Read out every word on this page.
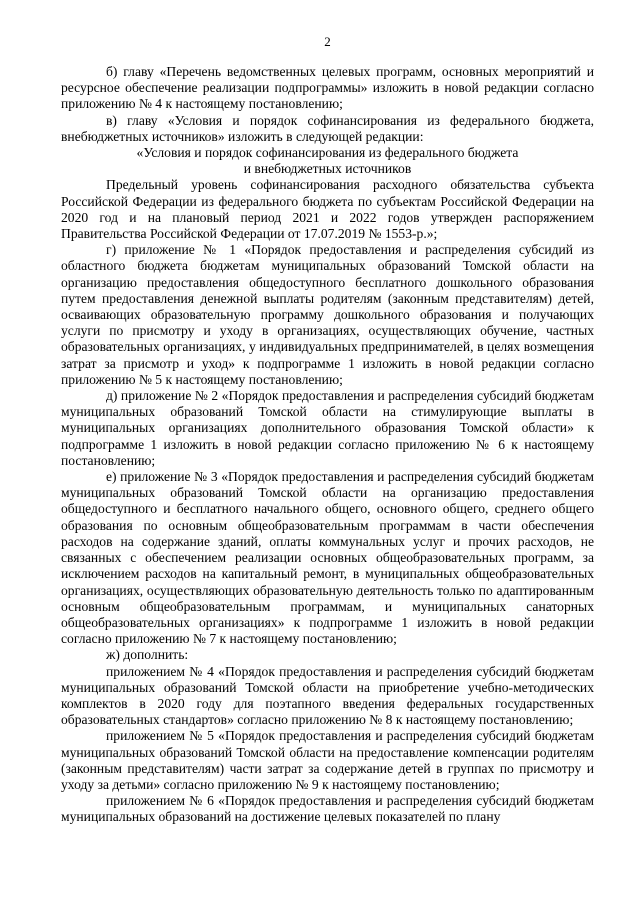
2

б) главу «Перечень ведомственных целевых программ, основных мероприятий и ресурсное обеспечение реализации подпрограммы» изложить в новой редакции согласно приложению № 4 к настоящему постановлению;

в) главу «Условия и порядок софинансирования из федерального бюджета, внебюджетных источников» изложить в следующей редакции:

«Условия и порядок софинансирования из федерального бюджета

и внебюджетных источников

Предельный уровень софинансирования расходного обязательства субъекта Российской Федерации из федерального бюджета по субъектам Российской Федерации на 2020 год и на плановый период 2021 и 2022 годов утвержден распоряжением Правительства Российской Федерации от 17.07.2019 № 1553-р.»;

г) приложение № 1 «Порядок предоставления и распределения субсидий из областного бюджета бюджетам муниципальных образований Томской области на организацию предоставления общедоступного бесплатного дошкольного образования путем предоставления денежной выплаты родителям (законным представителям) детей, осваивающих образовательную программу дошкольного образования и получающих услуги по присмотру и уходу в организациях, осуществляющих обучение, частных образовательных организациях, у индивидуальных предпринимателей, в целях возмещения затрат за присмотр и уход» к подпрограмме 1 изложить в новой редакции согласно приложению № 5 к настоящему постановлению;

д) приложение № 2 «Порядок предоставления и распределения субсидий бюджетам муниципальных образований Томской области на стимулирующие выплаты в муниципальных организациях дополнительного образования Томской области» к подпрограмме 1 изложить в новой редакции согласно приложению № 6 к настоящему постановлению;

е) приложение № 3 «Порядок предоставления и распределения субсидий бюджетам муниципальных образований Томской области на организацию предоставления общедоступного и бесплатного начального общего, основного общего, среднего общего образования по основным общеобразовательным программам в части обеспечения расходов на содержание зданий, оплаты коммунальных услуг и прочих расходов, не связанных с обеспечением реализации основных общеобразовательных программ, за исключением расходов на капитальный ремонт, в муниципальных общеобразовательных организациях, осуществляющих образовательную деятельность только по адаптированным основным общеобразовательным программам, и муниципальных санаторных общеобразовательных организациях» к подпрограмме 1 изложить в новой редакции согласно приложению № 7 к настоящему постановлению;

ж) дополнить:

приложением № 4 «Порядок предоставления и распределения субсидий бюджетам муниципальных образований Томской области на приобретение учебно-методических комплектов в 2020 году для поэтапного введения федеральных государственных образовательных стандартов» согласно приложению № 8 к настоящему постановлению;

приложением № 5 «Порядок предоставления и распределения субсидий бюджетам муниципальных образований Томской области на предоставление компенсации родителям (законным представителям) части затрат за содержание детей в группах по присмотру и уходу за детьми» согласно приложению № 9 к настоящему постановлению;

приложением № 6 «Порядок предоставления и распределения субсидий бюджетам муниципальных образований на достижение целевых показателей по плану
